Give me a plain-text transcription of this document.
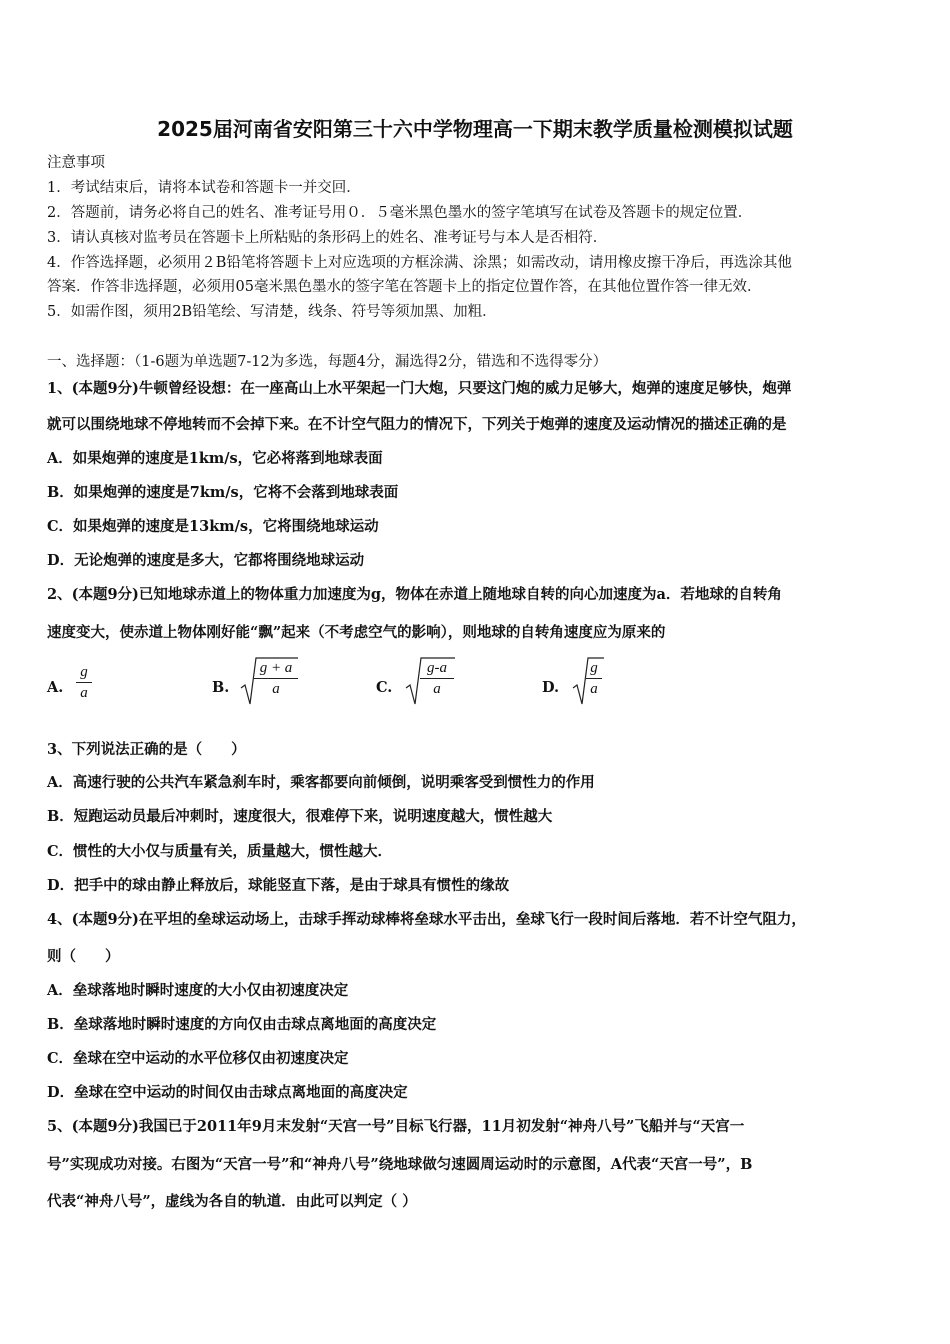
2025届河南省安阳第三十六中学物理高一下期末教学质量检测模拟试题
注意事项
1．考试结束后，请将本试卷和答题卡一并交回．
2．答题前，请务必将自己的姓名、准考证号用０．５毫米黑色墨水的签字笔填写在试卷及答题卡的规定位置．
3．请认真核对监考员在答题卡上所粘贴的条形码上的姓名、准考证号与本人是否相符．
4．作答选择题，必须用２B铅笔将答题卡上对应选项的方框涂满、涂黑；如需改动，请用橡皮擦干净后，再选涂其他
答案．作答非选择题，必须用05毫米黑色墨水的签字笔在答题卡上的指定位置作答，在其他位置作答一律无效．
5．如需作图，须用2B铅笔绘、写清楚，线条、符号等须加黑、加粗．
一、选择题：（1-6题为单选题7-12为多选，每题4分，漏选得2分，错选和不选得零分）
1、(本题9分)牛顿曾经设想：在一座高山上水平架起一门大炮，只要这门炮的威力足够大，炮弹的速度足够快，炮弹
就可以围绕地球不停地转而不会掉下来。在不计空气阻力的情况下，下列关于炮弹的速度及运动情况的描述正确的是
A．如果炮弹的速度是1km/s，它必将落到地球表面
B．如果炮弹的速度是7km/s，它将不会落到地球表面
C．如果炮弹的速度是13km/s，它将围绕地球运动
D．无论炮弹的速度是多大，它都将围绕地球运动
2、(本题9分)已知地球赤道上的物体重力加速度为g，物体在赤道上随地球自转的向心加速度为a．若地球的自转角
速度变大，使赤道上物体刚好能“飘”起来（不考虑空气的影响），则地球的自转角速度应为原来的
A.
g
a	B.
g + a
a	C.
g-a
a	D.
g
a
3、下列说法正确的是（　　）
A．高速行驶的公共汽车紧急刹车时，乘客都要向前倾倒，说明乘客受到惯性力的作用
B．短跑运动员最后冲刺时，速度很大，很难停下来，说明速度越大，惯性越大
C．惯性的大小仅与质量有关，质量越大，惯性越大．
D．把手中的球由静止释放后，球能竖直下落，是由于球具有惯性的缘故
4、(本题9分)在平坦的垒球运动场上，击球手挥动球棒将垒球水平击出，垒球飞行一段时间后落地．若不计空气阻力，
则（　　）
A．垒球落地时瞬时速度的大小仅由初速度决定
B．垒球落地时瞬时速度的方向仅由击球点离地面的高度决定
C．垒球在空中运动的水平位移仅由初速度决定
D．垒球在空中运动的时间仅由击球点离地面的高度决定
5、(本题9分)我国已于2011年9月末发射“天宫一号”目标飞行器，11月初发射“神舟八号”飞船并与“天宫一
号”实现成功对接。右图为“天宫一号”和“神舟八号”绕地球做匀速圆周运动时的示意图，A代表“天宫一号”，B
代表“神舟八号”，虚线为各自的轨道．由此可以判定（ ）
